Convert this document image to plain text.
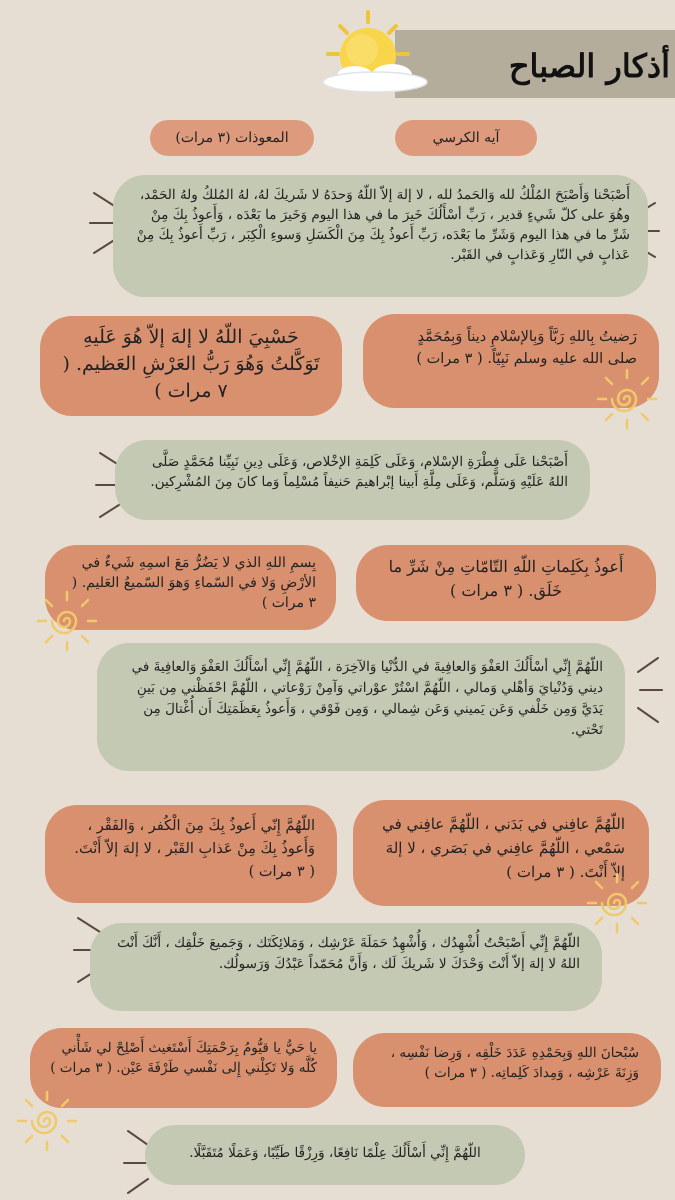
أذكار الصباح
آيه الكرسي
المعوذات (٣ مرات)
أَصْبَحْنا وَأَصْبَحَ المُلْكُ لله وَالحَمدُ لله ، لا إلهَ إلاّ اللّهُ وَحدَهُ لا شَريكَ لهُ، لهُ المُلكُ ولهُ الحَمْد، وهُوَ على كلّ شَيءٍ قدير ، رَبِّ أسْأَلُكَ خَيرَ ما في هذا اليوم وَخَيرَ ما بَعْدَه ، وَأَعوذُ بِكَ مِنْ شَرِّ ما في هذا اليوم وَشَرِّ ما بَعْدَه، رَبِّ أَعوذُ بِكَ مِنَ الْكَسَلِ وَسوءِ الْكِبَر ، رَبِّ أَعوذُ بِكَ مِنْ عَذابٍ في النّارِ وَعَذابٍ في القَبْر.
حَسْبِيَ اللّهُ لا إلهَ إلاّ هُوَ عَلَيهِ تَوَكَّلتُ وَهُوَ رَبُّ العَرْشِ العَظيم. ( ٧ مرات )
رَضيتُ بِاللهِ رَبَّاً وَبِالإسْلامِ ديناً وَبِمُحَمَّدٍ صلى الله عليه وسلم نَبِيّاً. ( ٣ مرات )
أَصْبَحْنا عَلَى فِطْرَةِ الإسْلام، وَعَلَى كَلِمَةِ الإخْلاص، وَعَلَى دِينِ نَبِيِّنا مُحَمَّدٍ صَلَّى اللهُ عَلَيْهِ وَسَلَّم، وَعَلَى مِلَّةِ أَبينا إبْراهيمَ حَنيفاً مُسْلِماً وَما كانَ مِنَ المُشْرِكين.
بِسمِ اللهِ الذي لا يَضُرُّ مَعَ اسمِهِ شَيءٌ في الأرْضِ وَلا في السّماءِ وَهوَ السّميعُ العَليم. ( ٣ مرات )
أَعوذُ بِكَلِماتِ اللّهِ التّامّاتِ مِنْ شَرِّ ما خَلَق. ( ٣ مرات )
اللّهُمَّ إِنِّي أسْأَلُكَ العَفْوَ وَالعافِيةَ في الدُّنْيا وَالآخِرَة ، اللّهُمَّ إِنِّي أسْأَلُكَ العَفْوَ وَالعافِيةَ في ديني وَدُنْيايَ وَأهْلي وَمالي ، اللّهُمَّ اسْتُرْ عوْراتي وَآمِنْ رَوْعاتي ، اللّهُمَّ احْفَظْني مِن بَينِ يَدَيَّ وَمِن خَلْفي وَعَن يَميني وَعَن شِمالي ، وَمِن فَوْقي ، وَأَعوذُ بِعَظَمَتِكَ أَن أُغْتالَ مِن تَحْتي.
اللّهُمَّ إِنّي أَعوذُ بِكَ مِنَ الْكُفر ، وَالفَقْر ، وَأَعوذُ بِكَ مِنْ عَذابِ القَبْر ، لا إلهَ إلاّ أَنْتَ. ( ٣ مرات )
اللّهُمَّ عافِني في بَدَني ، اللّهُمَّ عافِني في سَمْعي ، اللّهُمَّ عافِني في بَصَري ، لا إلهَ إلاّ أَنْتَ. ( ٣ مرات )
اللّهُمَّ إِنِّي أَصْبَحْتُ أُشْهِدُك ، وَأُشْهِدُ حَمَلَةَ عَرْشِك ، وَمَلائِكَتَك ، وَجَميعَ خَلْقِك ، أَنَّكَ أَنْتَ اللهُ لا إلهَ إلاّ أَنْتَ وَحْدَكَ لا شَريكَ لَك ، وَأَنَّ مُحَمّداً عَبْدُكَ وَرَسولُك.
يا حَيُّ يا قيُّومُ بِرَحْمَتِكَ أَسْتَغيث أَصْلِحْ لي شَأْني كُلَّه وَلا تَكِلْني إِلى نَفْسي طَرْفَةَ عَيْن. ( ٣ مرات )
سُبْحانَ اللهِ وَبِحَمْدِهِ عَدَدَ خَلْقِه ، وَرِضا نَفْسِه ، وَزِنَةَ عَرْشِه ، وَمِدادَ كَلِماتِه. ( ٣ مرات )
اللّهُمَّ إِنِّي أَسْأَلُكَ عِلْمًا نَافِعًا، وَرِزْقًا طَيِّبًا، وَعَمَلًا مُتَقَبَّلًا.
